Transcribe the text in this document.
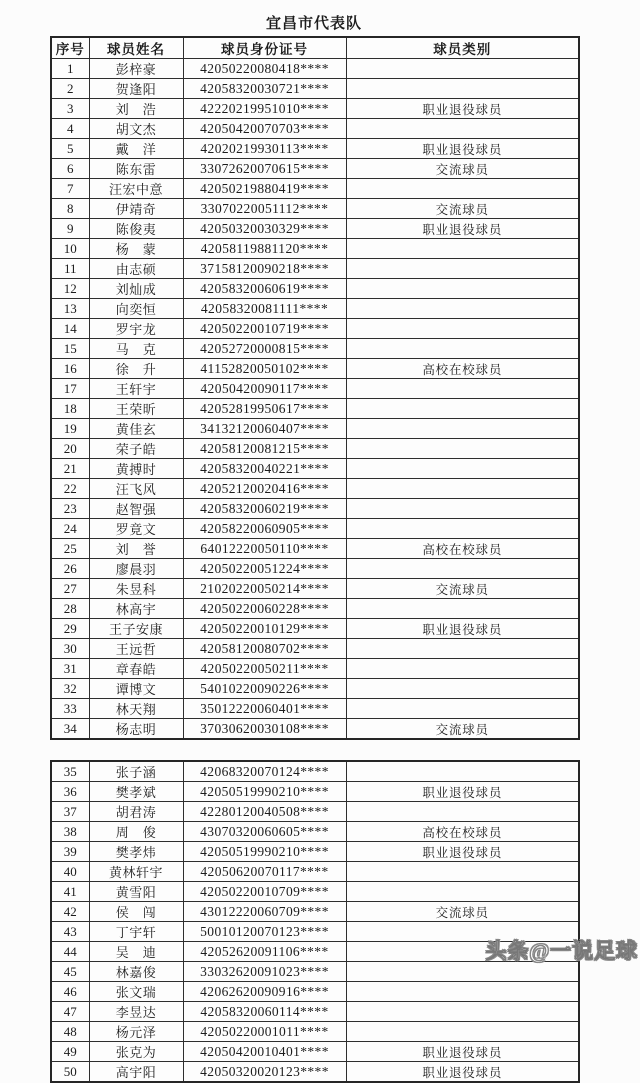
宜昌市代表队
序号	球员姓名	球员身份证号	球员类别
1	彭梓豪	42050220080418****	
2	贺逢阳	42058320030721****	
3	刘　浩	42220219951010****	职业退役球员
4	胡文杰	42050420070703****	
5	戴　洋	42020219930113****	职业退役球员
6	陈东雷	33072620070615****	交流球员
7	汪宏中意	42050219880419****	
8	伊靖奇	33070220051112****	交流球员
9	陈俊夷	42050320030329****	职业退役球员
10	杨　蒙	42058119881120****	
11	由志硕	37158120090218****	
12	刘灿成	42058320060619****	
13	向奕恒	42058320081111****	
14	罗宇龙	42050220010719****	
15	马　克	42052720000815****	
16	徐　升	41152820050102****	高校在校球员
17	王轩宇	42050420090117****	
18	王荣昕	42052819950617****	
19	黄佳玄	34132120060407****	
20	荣子皓	42058120081215****	
21	黄搏时	42058320040221****	
22	汪飞风	42052120020416****	
23	赵智强	42058320060219****	
24	罗竟文	42058220060905****	
25	刘　誉	64012220050110****	高校在校球员
26	廖晨羽	42050220051224****	
27	朱昱科	21020220050214****	交流球员
28	林高宇	42050220060228****	
29	王子安康	42050220010129****	职业退役球员
30	王远哲	42058120080702****	
31	章春皓	42050220050211****	
32	谭博文	54010220090226****	
33	林天翔	35012220060401****	
34	杨志明	37030620030108****	交流球员
35	张子涵	42068320070124****	
36	樊孝斌	42050519990210****	职业退役球员
37	胡君涛	42280120040508****	
38	周　俊	43070320060605****	高校在校球员
39	樊孝炜	42050519990210****	职业退役球员
40	黄林轩宇	42050620070117****	
41	黄雪阳	42050220010709****	
42	侯　闯	43012220060709****	交流球员
43	丁宇轩	50010120070123****	
44	吴　迪	42052620091106****	
45	林嘉俊	33032620091023****	
46	张文瑞	42062620090916****	
47	李昱达	42058320060114****	
48	杨元泽	42050220001011****	
49	张克为	42050420010401****	职业退役球员
50	高宇阳	42050320020123****	职业退役球员
头条@一说足球
